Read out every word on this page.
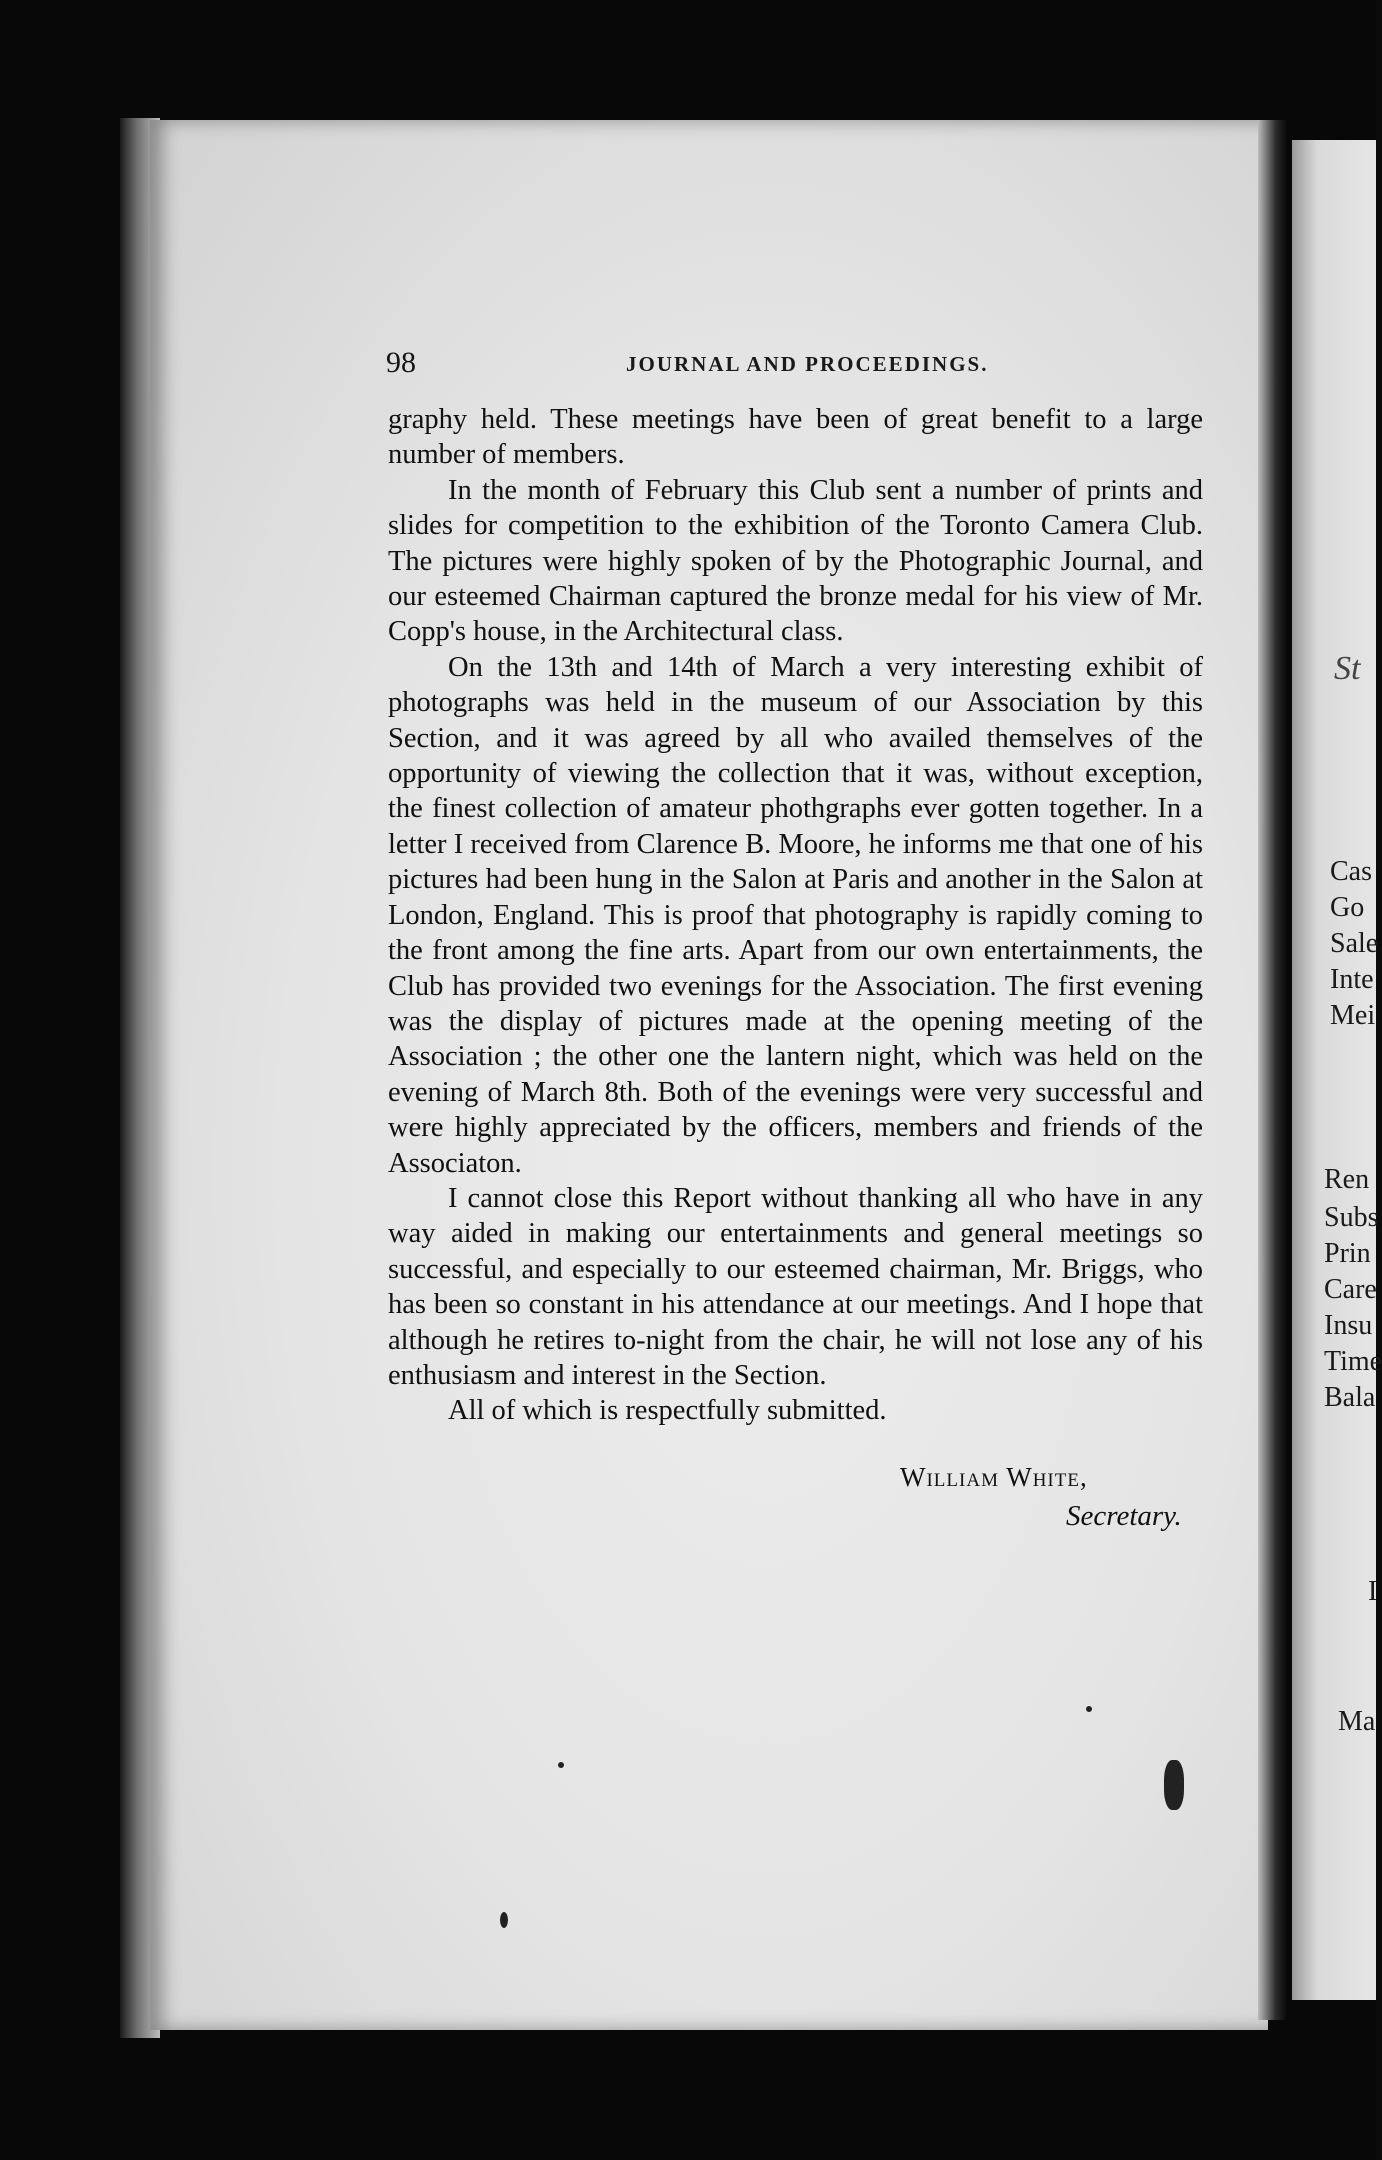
St
Cas
Go
Sale
Inte
Mei
Ren
Subs
Prin
Care
Insu
Time
Bala
I
Ma
98	JOURNAL AND PROCEEDINGS.

graphy held. These meetings have been of great benefit to a large number of members.

In the month of February this Club sent a number of prints and slides for competition to the exhibition of the Toronto Camera Club. The pictures were highly spoken of by the Photographic Journal, and our esteemed Chairman captured the bronze medal for his view of Mr. Copp's house, in the Architectural class.

On the 13th and 14th of March a very interesting exhibit of photographs was held in the museum of our Association by this Section, and it was agreed by all who availed themselves of the opportunity of viewing the collection that it was, without exception, the finest collection of amateur phothgraphs ever gotten together. In a letter I received from Clarence B. Moore, he informs me that one of his pictures had been hung in the Salon at Paris and another in the Salon at London, England. This is proof that photography is rapidly coming to the front among the fine arts. Apart from our own entertainments, the Club has provided two evenings for the Association. The first evening was the display of pictures made at the opening meeting of the Association ; the other one the lantern night, which was held on the evening of March 8th. Both of the evenings were very successful and were highly appreciated by the officers, members and friends of the Associaton.

I cannot close this Report without thanking all who have in any way aided in making our entertainments and general meetings so successful, and especially to our esteemed chairman, Mr. Briggs, who has been so constant in his attendance at our meetings. And I hope that although he retires to-night from the chair, he will not lose any of his enthusiasm and interest in the Section.

All of which is respectfully submitted.

William White,
Secretary.
